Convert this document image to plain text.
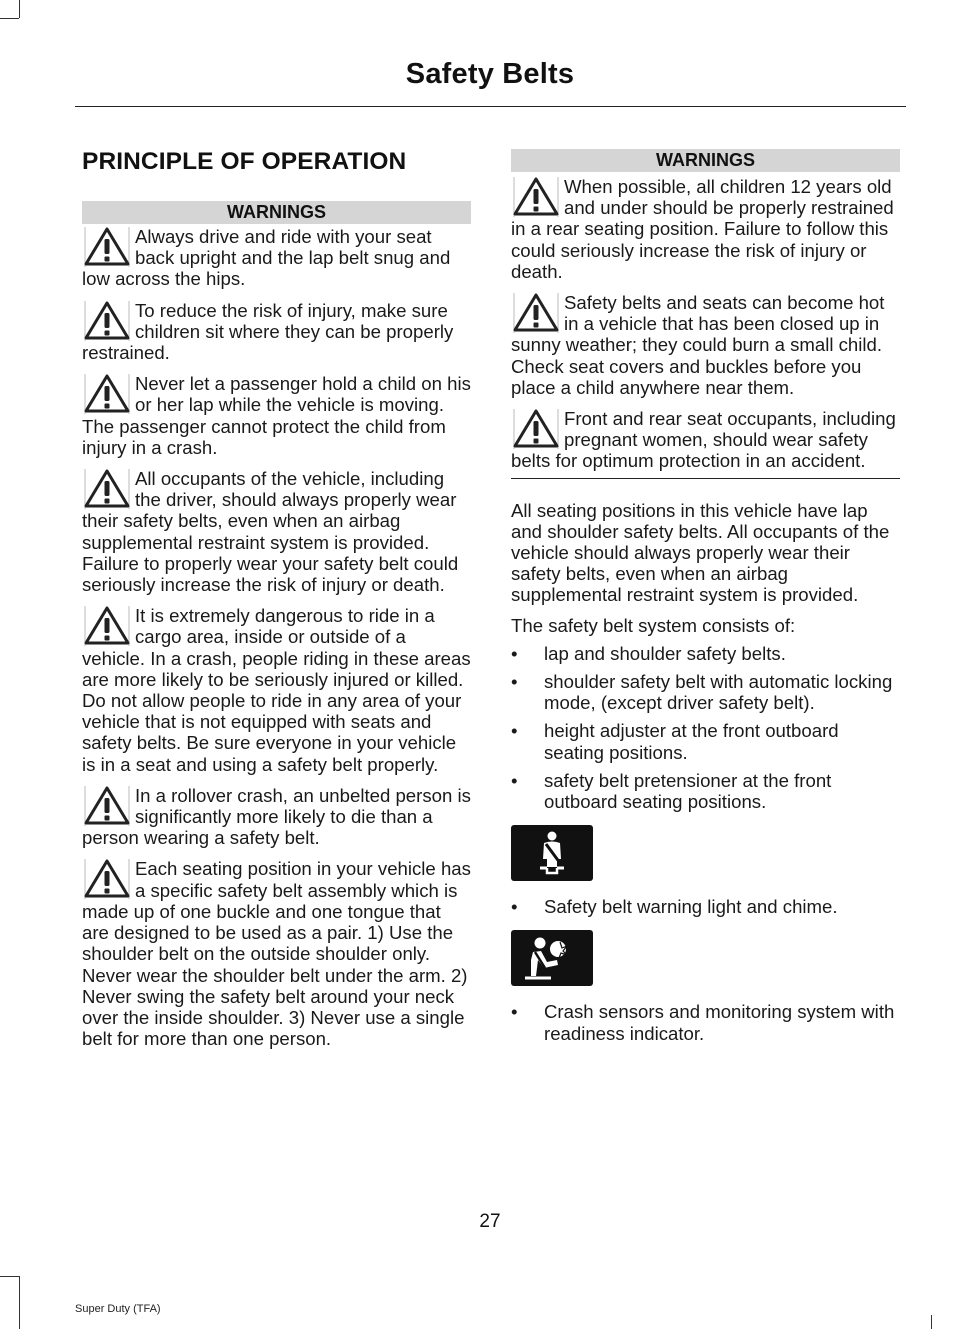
Safety Belts
PRINCIPLE OF OPERATION
WARNINGS

Always drive and ride with your seat back upright and the lap belt snug and low across the hips.

To reduce the risk of injury, make sure children sit where they can be properly restrained.

Never let a passenger hold a child on his or her lap while the vehicle is moving. The passenger cannot protect the child from injury in a crash.

All occupants of the vehicle, including the driver, should always properly wear their safety belts, even when an airbag supplemental restraint system is provided. Failure to properly wear your safety belt could seriously increase the risk of injury or death.

It is extremely dangerous to ride in a cargo area, inside or outside of a vehicle. In a crash, people riding in these areas are more likely to be seriously injured or killed. Do not allow people to ride in any area of your vehicle that is not equipped with seats and safety belts. Be sure everyone in your vehicle is in a seat and using a safety belt properly.

In a rollover crash, an unbelted person is significantly more likely to die than a person wearing a safety belt.

Each seating position in your vehicle has a specific safety belt assembly which is made up of one buckle and one tongue that are designed to be used as a pair. 1) Use the shoulder belt on the outside shoulder only. Never wear the shoulder belt under the arm. 2) Never swing the safety belt around your neck over the inside shoulder. 3) Never use a single belt for more than one person.

WARNINGS

When possible, all children 12 years old and under should be properly restrained in a rear seating position. Failure to follow this could seriously increase the risk of injury or death.

Safety belts and seats can become hot in a vehicle that has been closed up in sunny weather; they could burn a small child. Check seat covers and buckles before you place a child anywhere near them.

Front and rear seat occupants, including pregnant women, should wear safety belts for optimum protection in an accident.

All seating positions in this vehicle have lap and shoulder safety belts. All occupants of the vehicle should always properly wear their safety belts, even when an airbag supplemental restraint system is provided.

The safety belt system consists of:

• lap and shoulder safety belts.
• shoulder safety belt with automatic locking mode, (except driver safety belt).
• height adjuster at the front outboard seating positions.
• safety belt pretensioner at the front outboard seating positions.
• Safety belt warning light and chime.
• Crash sensors and monitoring system with readiness indicator.
27
Super Duty (TFA)
